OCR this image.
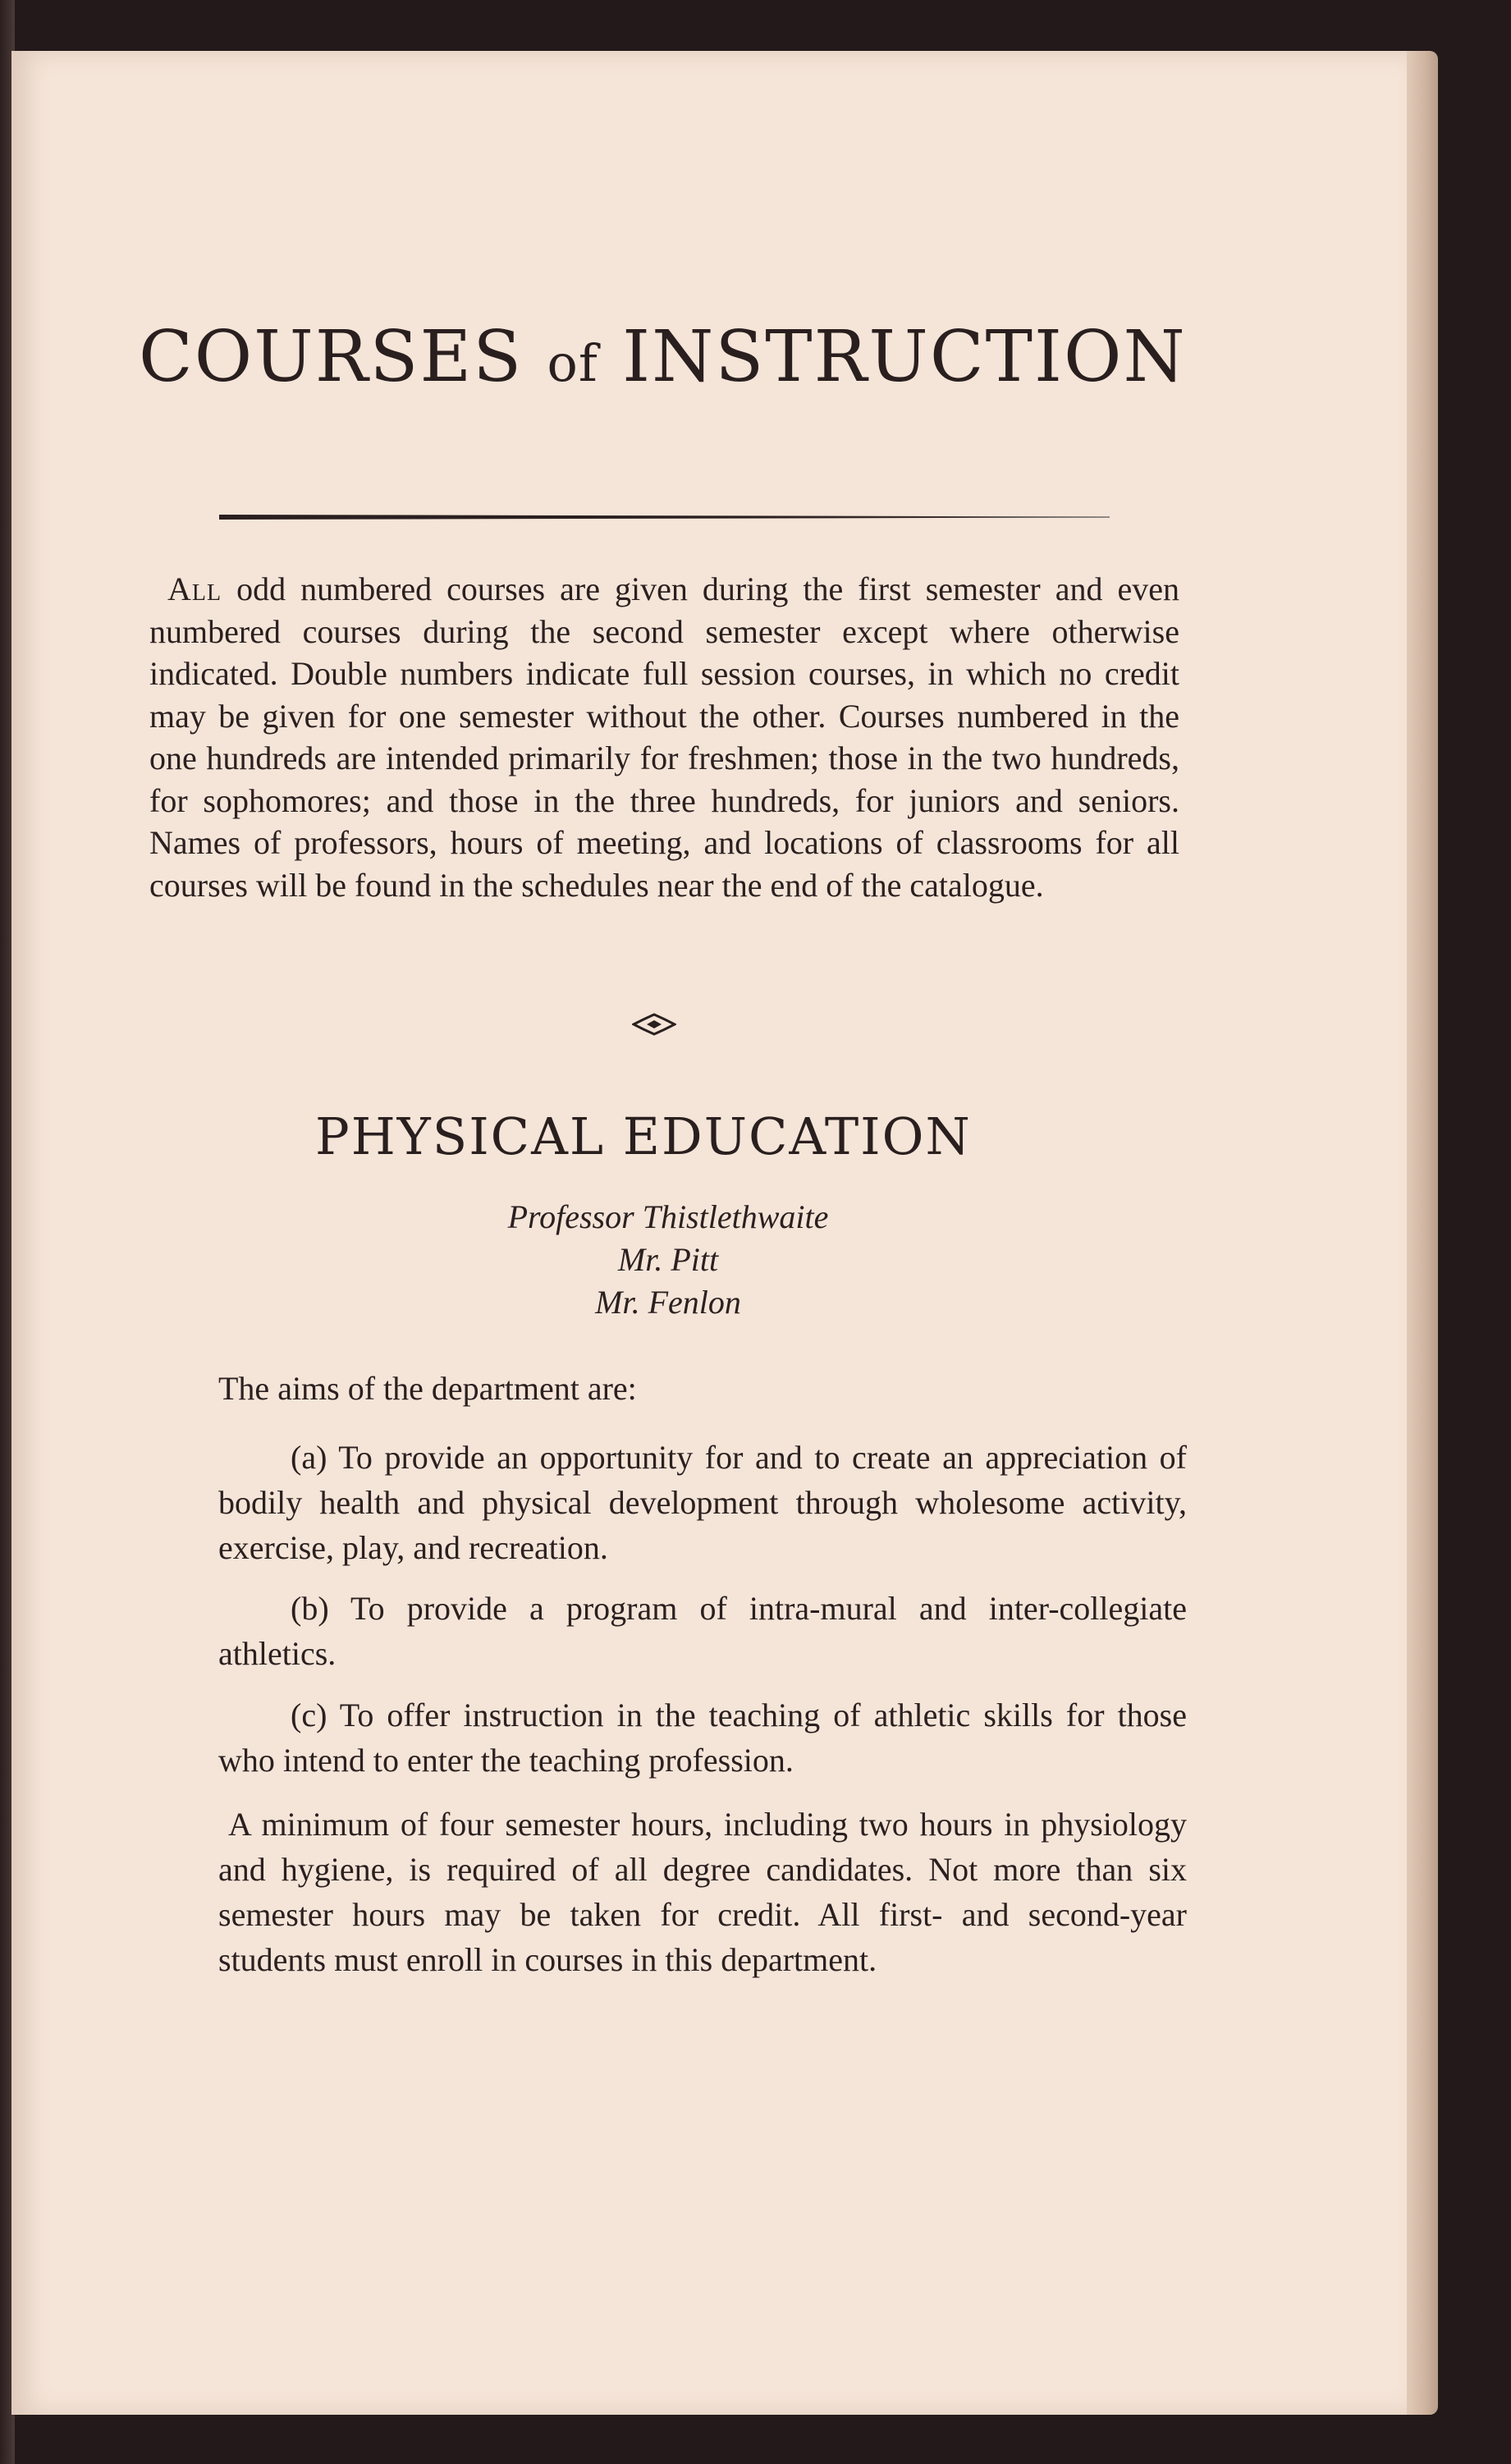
COURSES of INSTRUCTION

All odd numbered courses are given during the first semester and even numbered courses during the second semester except where otherwise indicated. Double numbers indicate full session courses, in which no credit may be given for one semester without the other. Courses numbered in the one hundreds are intended primarily for freshmen; those in the two hundreds, for sophomores; and those in the three hundreds, for juniors and seniors. Names of professors, hours of meeting, and locations of classrooms for all courses will be found in the schedules near the end of the catalogue.

PHYSICAL EDUCATION
Professor Thistlethwaite
Mr. Pitt
Mr. Fenlon

The aims of the department are:

(a) To provide an opportunity for and to create an appreciation of bodily health and physical development through wholesome activity, exercise, play, and recreation.

(b) To provide a program of intra-mural and inter-collegiate athletics.

(c) To offer instruction in the teaching of athletic skills for those who intend to enter the teaching profession.

A minimum of four semester hours, including two hours in physiology and hygiene, is required of all degree candidates. Not more than six semester hours may be taken for credit. All first- and second-year students must enroll in courses in this department.
